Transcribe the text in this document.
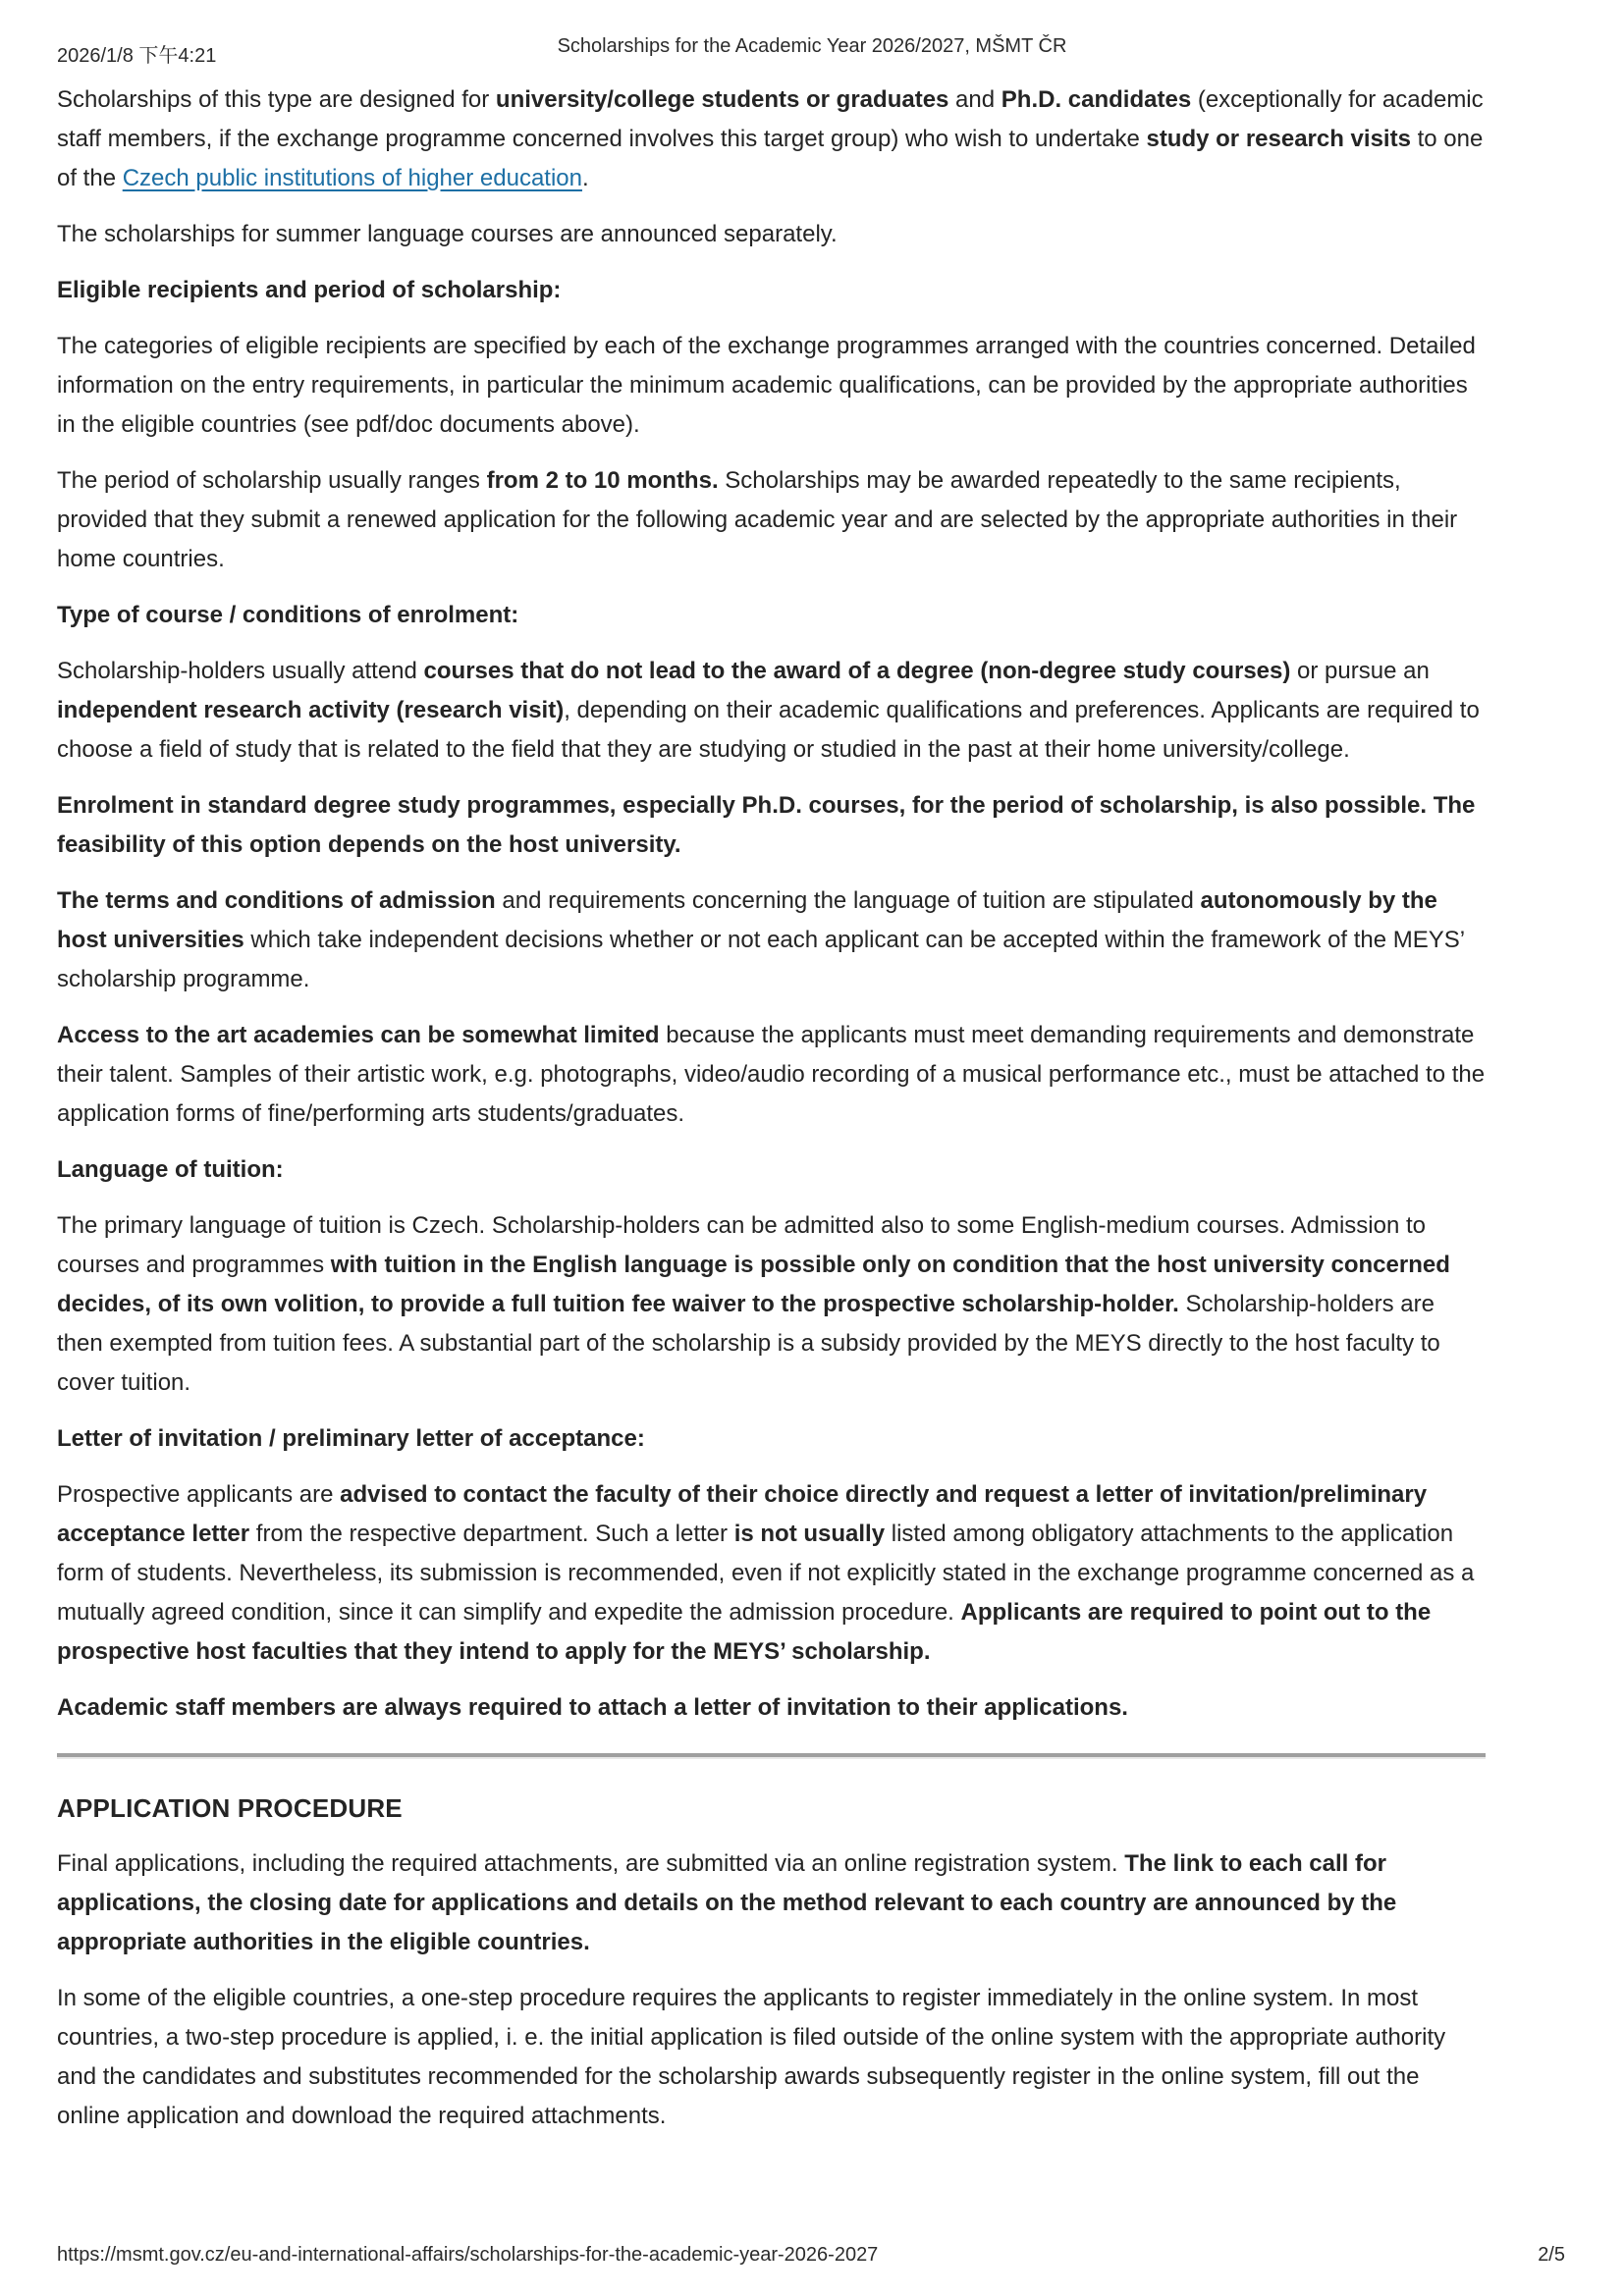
2026/1/8 下午4:21	Scholarships for the Academic Year 2026/2027, MŠMT ČR

Scholarships of this type are designed for university/college students or graduates and Ph.D. candidates (exceptionally for academic staff members, if the exchange programme concerned involves this target group) who wish to undertake study or research visits to one of the Czech public institutions of higher education.

The scholarships for summer language courses are announced separately.

Eligible recipients and period of scholarship:

The categories of eligible recipients are specified by each of the exchange programmes arranged with the countries concerned. Detailed information on the entry requirements, in particular the minimum academic qualifications, can be provided by the appropriate authorities in the eligible countries (see pdf/doc documents above).

The period of scholarship usually ranges from 2 to 10 months. Scholarships may be awarded repeatedly to the same recipients, provided that they submit a renewed application for the following academic year and are selected by the appropriate authorities in their home countries.

Type of course / conditions of enrolment:

Scholarship-holders usually attend courses that do not lead to the award of a degree (non-degree study courses) or pursue an independent research activity (research visit), depending on their academic qualifications and preferences. Applicants are required to choose a field of study that is related to the field that they are studying or studied in the past at their home university/college.

Enrolment in standard degree study programmes, especially Ph.D. courses, for the period of scholarship, is also possible. The feasibility of this option depends on the host university.

The terms and conditions of admission and requirements concerning the language of tuition are stipulated autonomously by the host universities which take independent decisions whether or not each applicant can be accepted within the framework of the MEYS’ scholarship programme.

Access to the art academies can be somewhat limited because the applicants must meet demanding requirements and demonstrate their talent. Samples of their artistic work, e.g. photographs, video/audio recording of a musical performance etc., must be attached to the application forms of fine/performing arts students/graduates.

Language of tuition:

The primary language of tuition is Czech. Scholarship-holders can be admitted also to some English-medium courses. Admission to courses and programmes with tuition in the English language is possible only on condition that the host university concerned decides, of its own volition, to provide a full tuition fee waiver to the prospective scholarship-holder. Scholarship-holders are then exempted from tuition fees. A substantial part of the scholarship is a subsidy provided by the MEYS directly to the host faculty to cover tuition.

Letter of invitation / preliminary letter of acceptance:

Prospective applicants are advised to contact the faculty of their choice directly and request a letter of invitation/preliminary acceptance letter from the respective department. Such a letter is not usually listed among obligatory attachments to the application form of students. Nevertheless, its submission is recommended, even if not explicitly stated in the exchange programme concerned as a mutually agreed condition, since it can simplify and expedite the admission procedure. Applicants are required to point out to the prospective host faculties that they intend to apply for the MEYS’ scholarship.

Academic staff members are always required to attach a letter of invitation to their applications.

APPLICATION PROCEDURE

Final applications, including the required attachments, are submitted via an online registration system. The link to each call for applications, the closing date for applications and details on the method relevant to each country are announced by the appropriate authorities in the eligible countries.

In some of the eligible countries, a one-step procedure requires the applicants to register immediately in the online system. In most countries, a two-step procedure is applied, i. e. the initial application is filed outside of the online system with the appropriate authority and the candidates and substitutes recommended for the scholarship awards subsequently register in the online system, fill out the online application and download the required attachments.

https://msmt.gov.cz/eu-and-international-affairs/scholarships-for-the-academic-year-2026-2027	2/5
